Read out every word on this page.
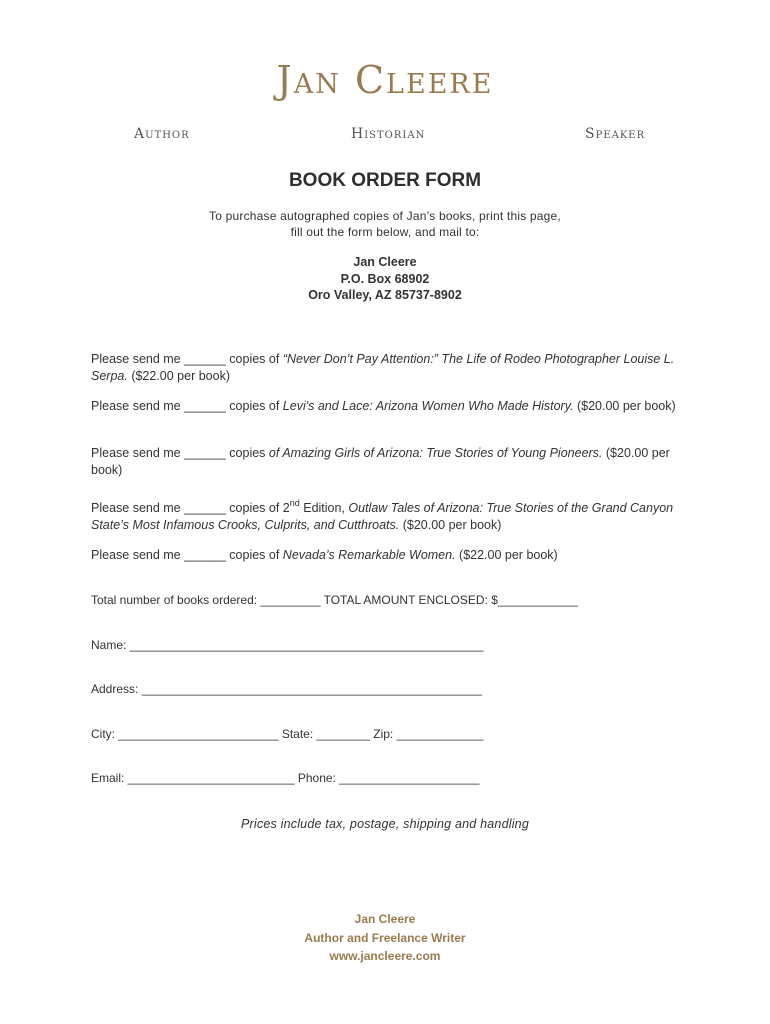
Jan Cleere
Author	Historian	Speaker
BOOK ORDER FORM
To purchase autographed copies of Jan’s books, print this page,
fill out the form below, and mail to:
Jan Cleere
P.O. Box 68902
Oro Valley, AZ 85737-8902
Please send me ______ copies of “Never Don’t Pay Attention:” The Life of Rodeo Photographer Louise L. Serpa. ($22.00 per book)
Please send me ______ copies of Levi's and Lace: Arizona Women Who Made History. ($20.00 per book)
Please send me ______ copies of Amazing Girls of Arizona: True Stories of Young Pioneers. ($20.00 per book)
Please send me ______ copies of 2nd Edition, Outlaw Tales of Arizona: True Stories of the Grand Canyon State’s Most Infamous Crooks, Culprits, and Cutthroats. ($20.00 per book)
Please send me ______ copies of Nevada’s Remarkable Women. ($22.00 per book)
Total number of books ordered: _________ TOTAL AMOUNT ENCLOSED: $____________
Name: _____________________________________________________
Address: ___________________________________________________
City: ________________________ State: ________ Zip: _____________
Email: _________________________ Phone: _____________________
Prices include tax, postage, shipping and handling
Jan Cleere
Author and Freelance Writer
www.jancleere.com
